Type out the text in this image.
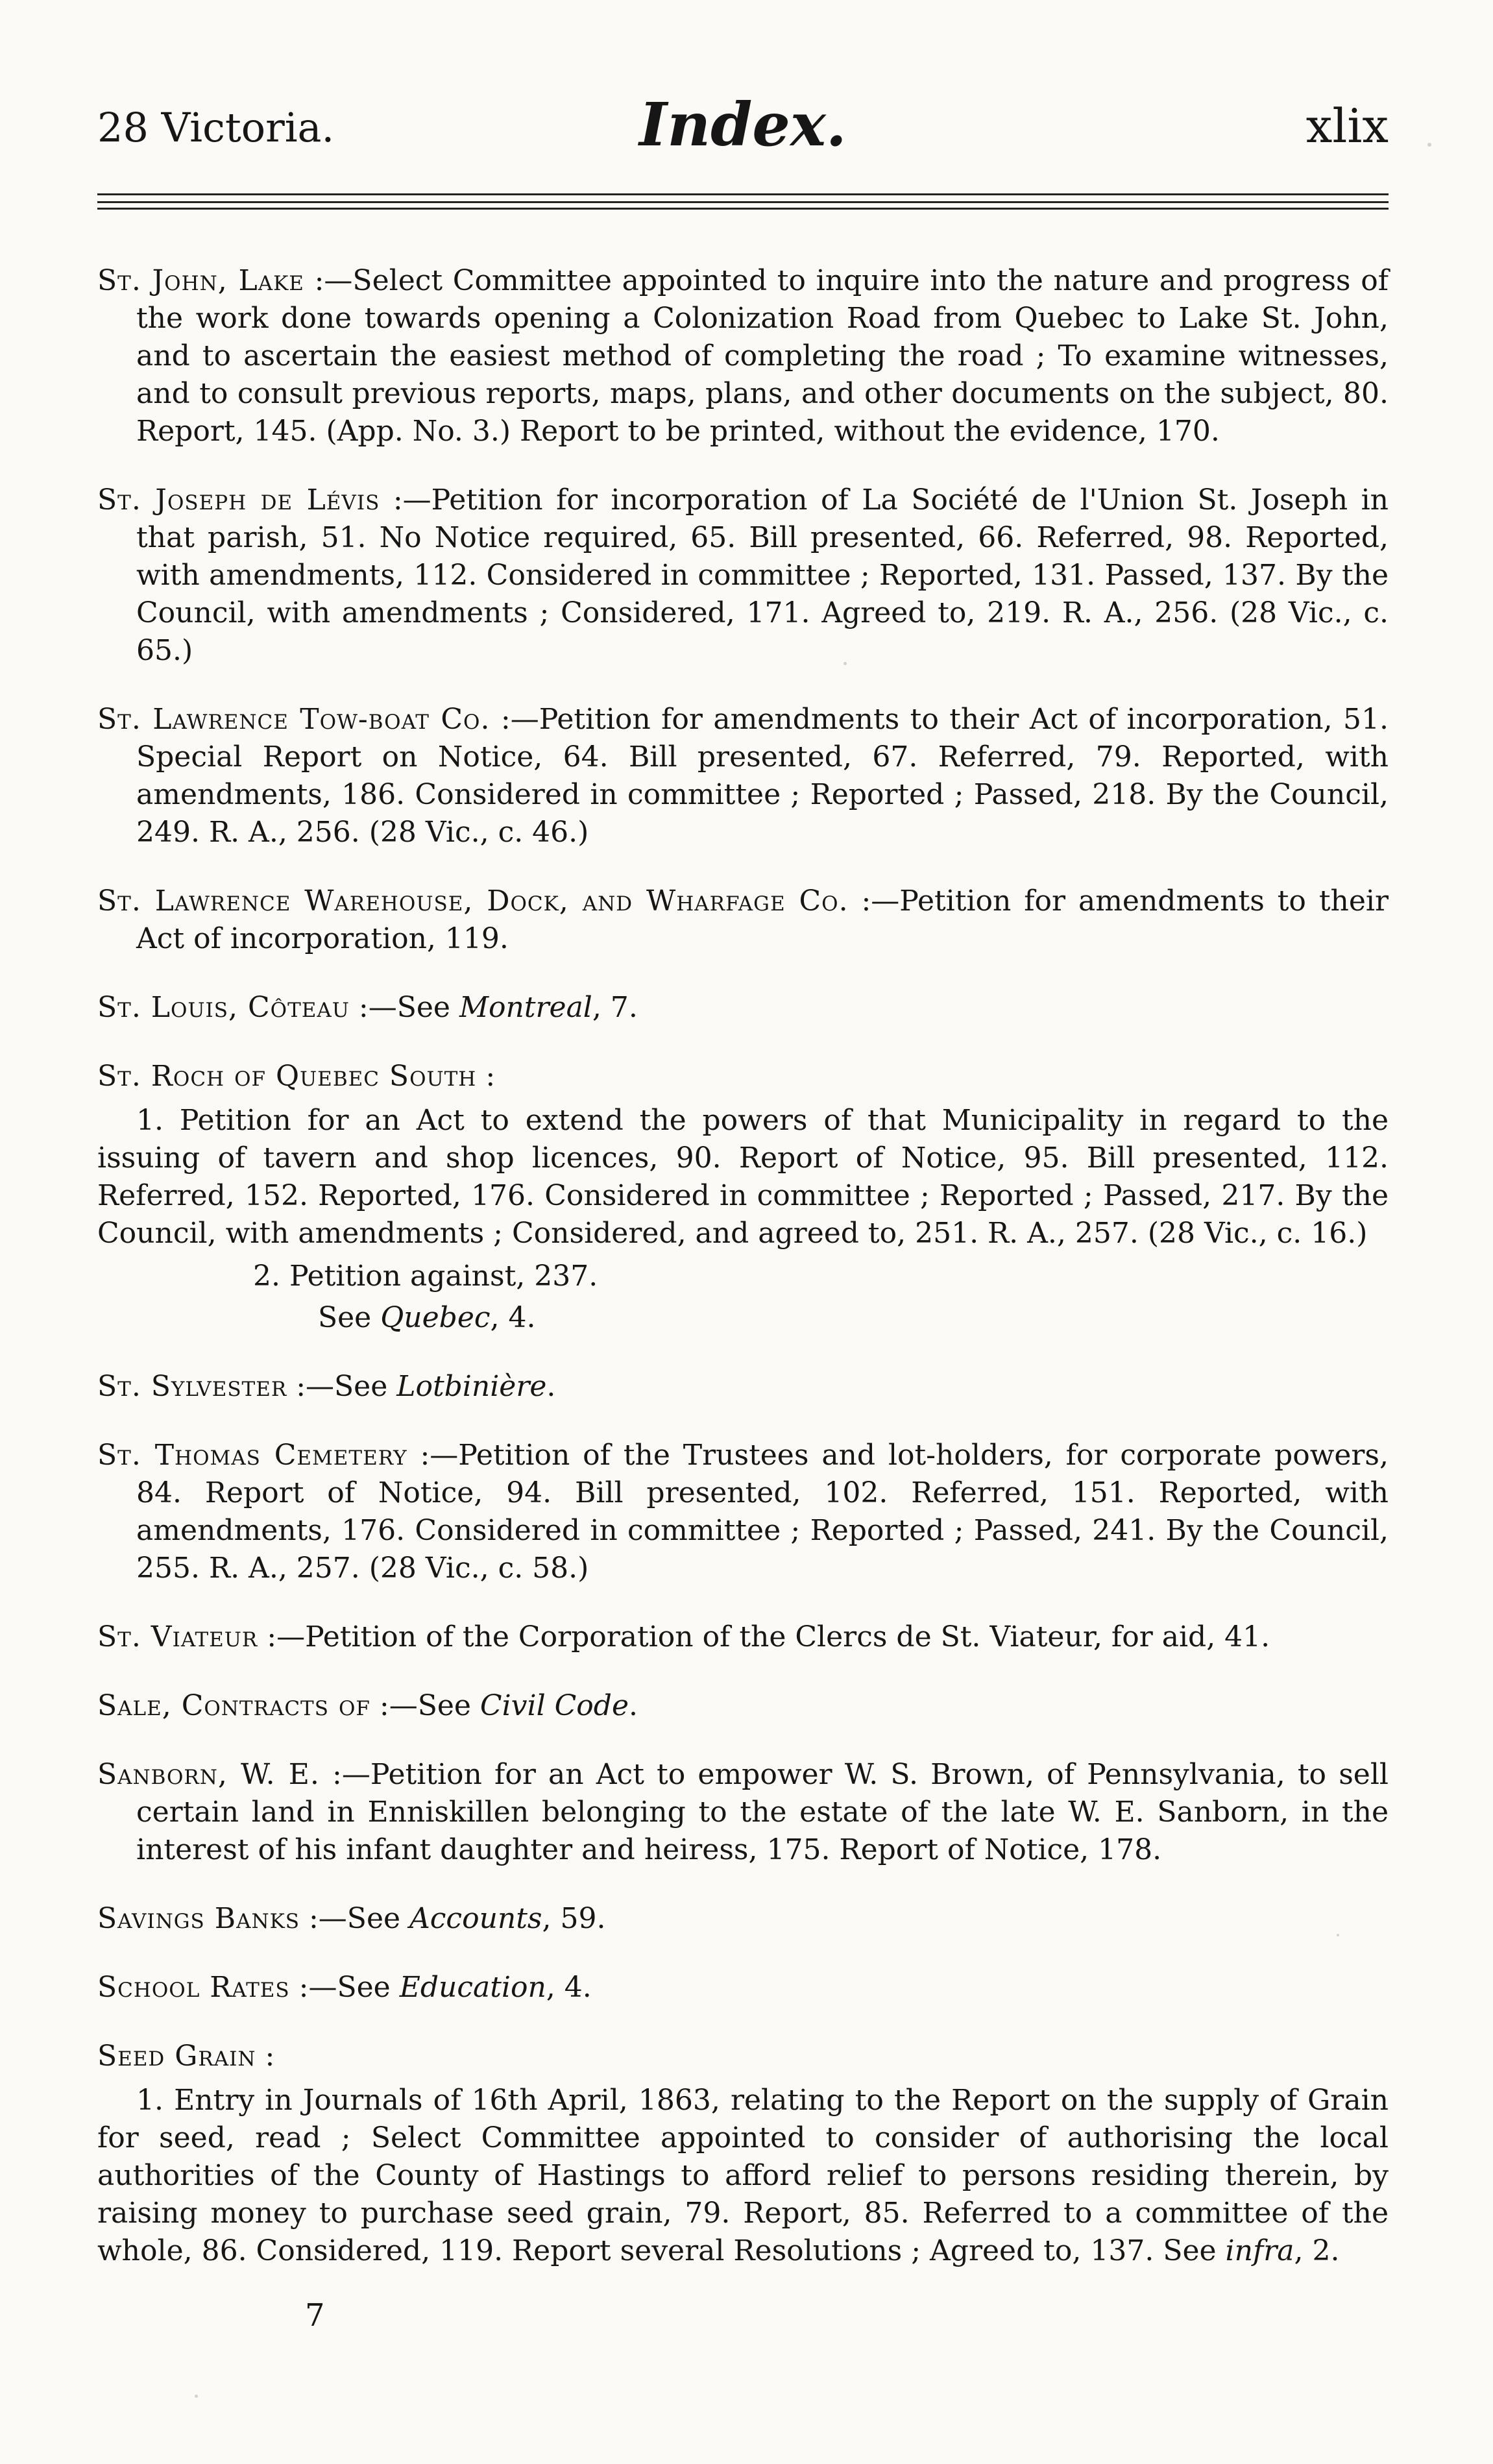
28 Victoria.	Index.	xlix

St. John, Lake :—Select Committee appointed to inquire into the nature and progress of the work done towards opening a Colonization Road from Quebec to Lake St. John, and to ascertain the easiest method of completing the road ; To examine witnesses, and to consult previous reports, maps, plans, and other documents on the subject, 80. Report, 145. (App. No. 3.) Report to be printed, without the evidence, 170.

St. Joseph de Lévis :—Petition for incorporation of La Société de l'Union St. Joseph in that parish, 51. No Notice required, 65. Bill presented, 66. Referred, 98. Reported, with amendments, 112. Considered in committee ; Reported, 131. Passed, 137. By the Council, with amendments ; Considered, 171. Agreed to, 219. R. A., 256. (28 Vic., c. 65.)

St. Lawrence Tow-boat Co. :—Petition for amendments to their Act of incorporation, 51. Special Report on Notice, 64. Bill presented, 67. Referred, 79. Reported, with amendments, 186. Considered in committee ; Reported ; Passed, 218. By the Council, 249. R. A., 256. (28 Vic., c. 46.)

St. Lawrence Warehouse, Dock, and Wharfage Co. :—Petition for amendments to their Act of incorporation, 119.

St. Louis, Côteau :—See Montreal, 7.

St. Roch of Quebec South :

1. Petition for an Act to extend the powers of that Municipality in regard to the issuing of tavern and shop licences, 90. Report of Notice, 95. Bill presented, 112. Referred, 152. Reported, 176. Considered in committee ; Reported ; Passed, 217. By the Council, with amendments ; Considered, and agreed to, 251. R. A., 257. (28 Vic., c. 16.)

2. Petition against, 237.

See Quebec, 4.

St. Sylvester :—See Lotbinière.

St. Thomas Cemetery :—Petition of the Trustees and lot-holders, for corporate powers, 84. Report of Notice, 94. Bill presented, 102. Referred, 151. Reported, with amendments, 176. Considered in committee ; Reported ; Passed, 241. By the Council, 255. R. A., 257. (28 Vic., c. 58.)

St. Viateur :—Petition of the Corporation of the Clercs de St. Viateur, for aid, 41.

Sale, Contracts of :—See Civil Code.

Sanborn, W. E. :—Petition for an Act to empower W. S. Brown, of Pennsylvania, to sell certain land in Enniskillen belonging to the estate of the late W. E. Sanborn, in the interest of his infant daughter and heiress, 175. Report of Notice, 178.

Savings Banks :—See Accounts, 59.

School Rates :—See Education, 4.

Seed Grain :

1. Entry in Journals of 16th April, 1863, relating to the Report on the supply of Grain for seed, read ; Select Committee appointed to consider of authorising the local authorities of the County of Hastings to afford relief to persons residing therein, by raising money to purchase seed grain, 79. Report, 85. Referred to a committee of the whole, 86. Considered, 119. Report several Resolutions ; Agreed to, 137. See infra, 2.

7
